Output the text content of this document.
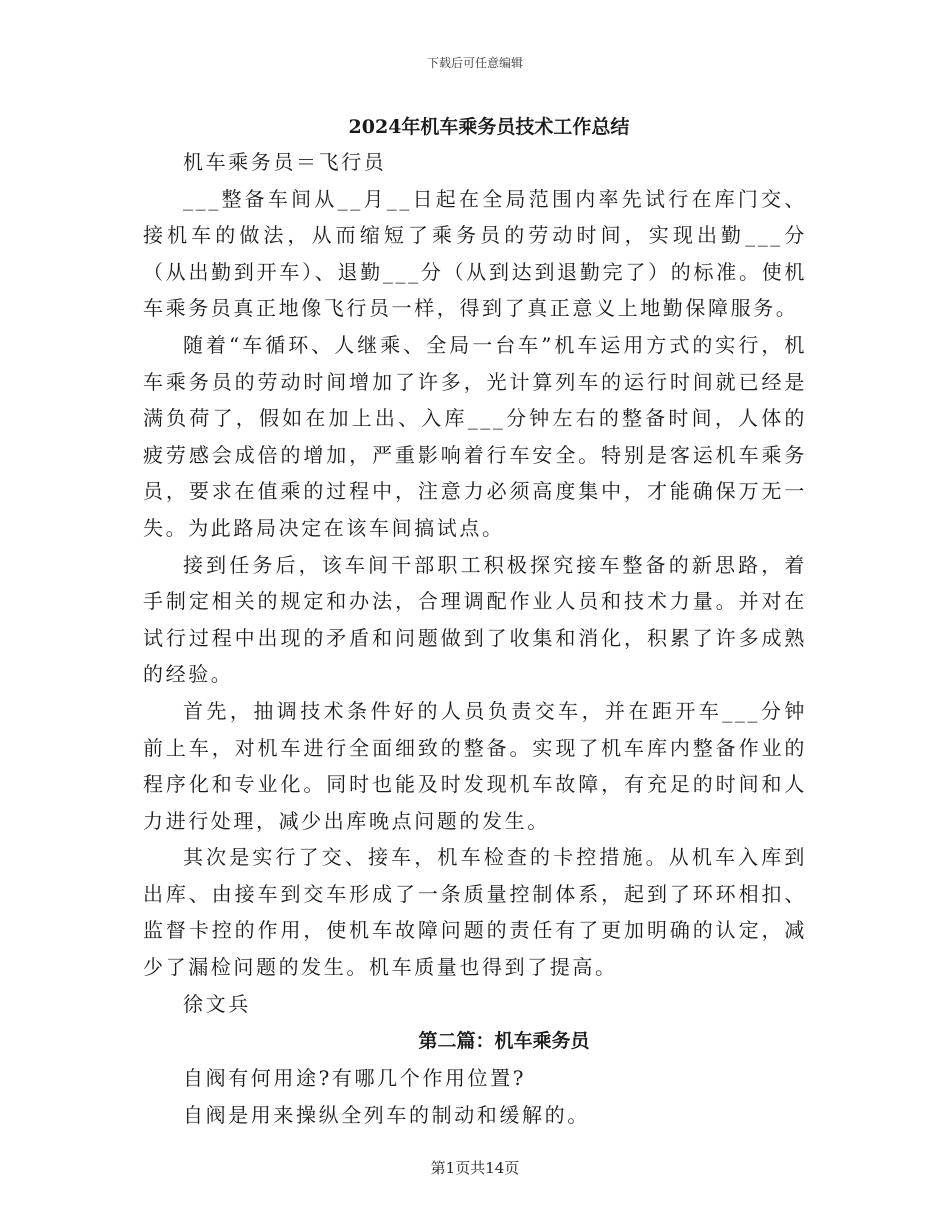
下载后可任意编辑
2024年机车乘务员技术工作总结

机车乘务员＝飞行员

___整备车间从__月__日起在全局范围内率先试行在库门交、接机车的做法，从而缩短了乘务员的劳动时间，实现出勤___分（从出勤到开车）、退勤___分（从到达到退勤完了）的标准。使机车乘务员真正地像飞行员一样，得到了真正意义上地勤保障服务。

随着“车循环、人继乘、全局一台车”机车运用方式的实行，机车乘务员的劳动时间增加了许多，光计算列车的运行时间就已经是满负荷了，假如在加上出、入库___分钟左右的整备时间，人体的疲劳感会成倍的增加，严重影响着行车安全。特别是客运机车乘务员，要求在值乘的过程中，注意力必须高度集中，才能确保万无一失。为此路局决定在该车间搞试点。

接到任务后，该车间干部职工积极探究接车整备的新思路，着手制定相关的规定和办法，合理调配作业人员和技术力量。并对在试行过程中出现的矛盾和问题做到了收集和消化，积累了许多成熟的经验。

首先，抽调技术条件好的人员负责交车，并在距开车___分钟前上车，对机车进行全面细致的整备。实现了机车库内整备作业的程序化和专业化。同时也能及时发现机车故障，有充足的时间和人力进行处理，减少出库晚点问题的发生。

其次是实行了交、接车，机车检查的卡控措施。从机车入库到出库、由接车到交车形成了一条质量控制体系，起到了环环相扣、监督卡控的作用，使机车故障问题的责任有了更加明确的认定，减少了漏检问题的发生。机车质量也得到了提高。

徐文兵

第二篇：机车乘务员

自阀有何用途?有哪几个作用位置?

自阀是用来操纵全列车的制动和缓解的。

第1页共14页
